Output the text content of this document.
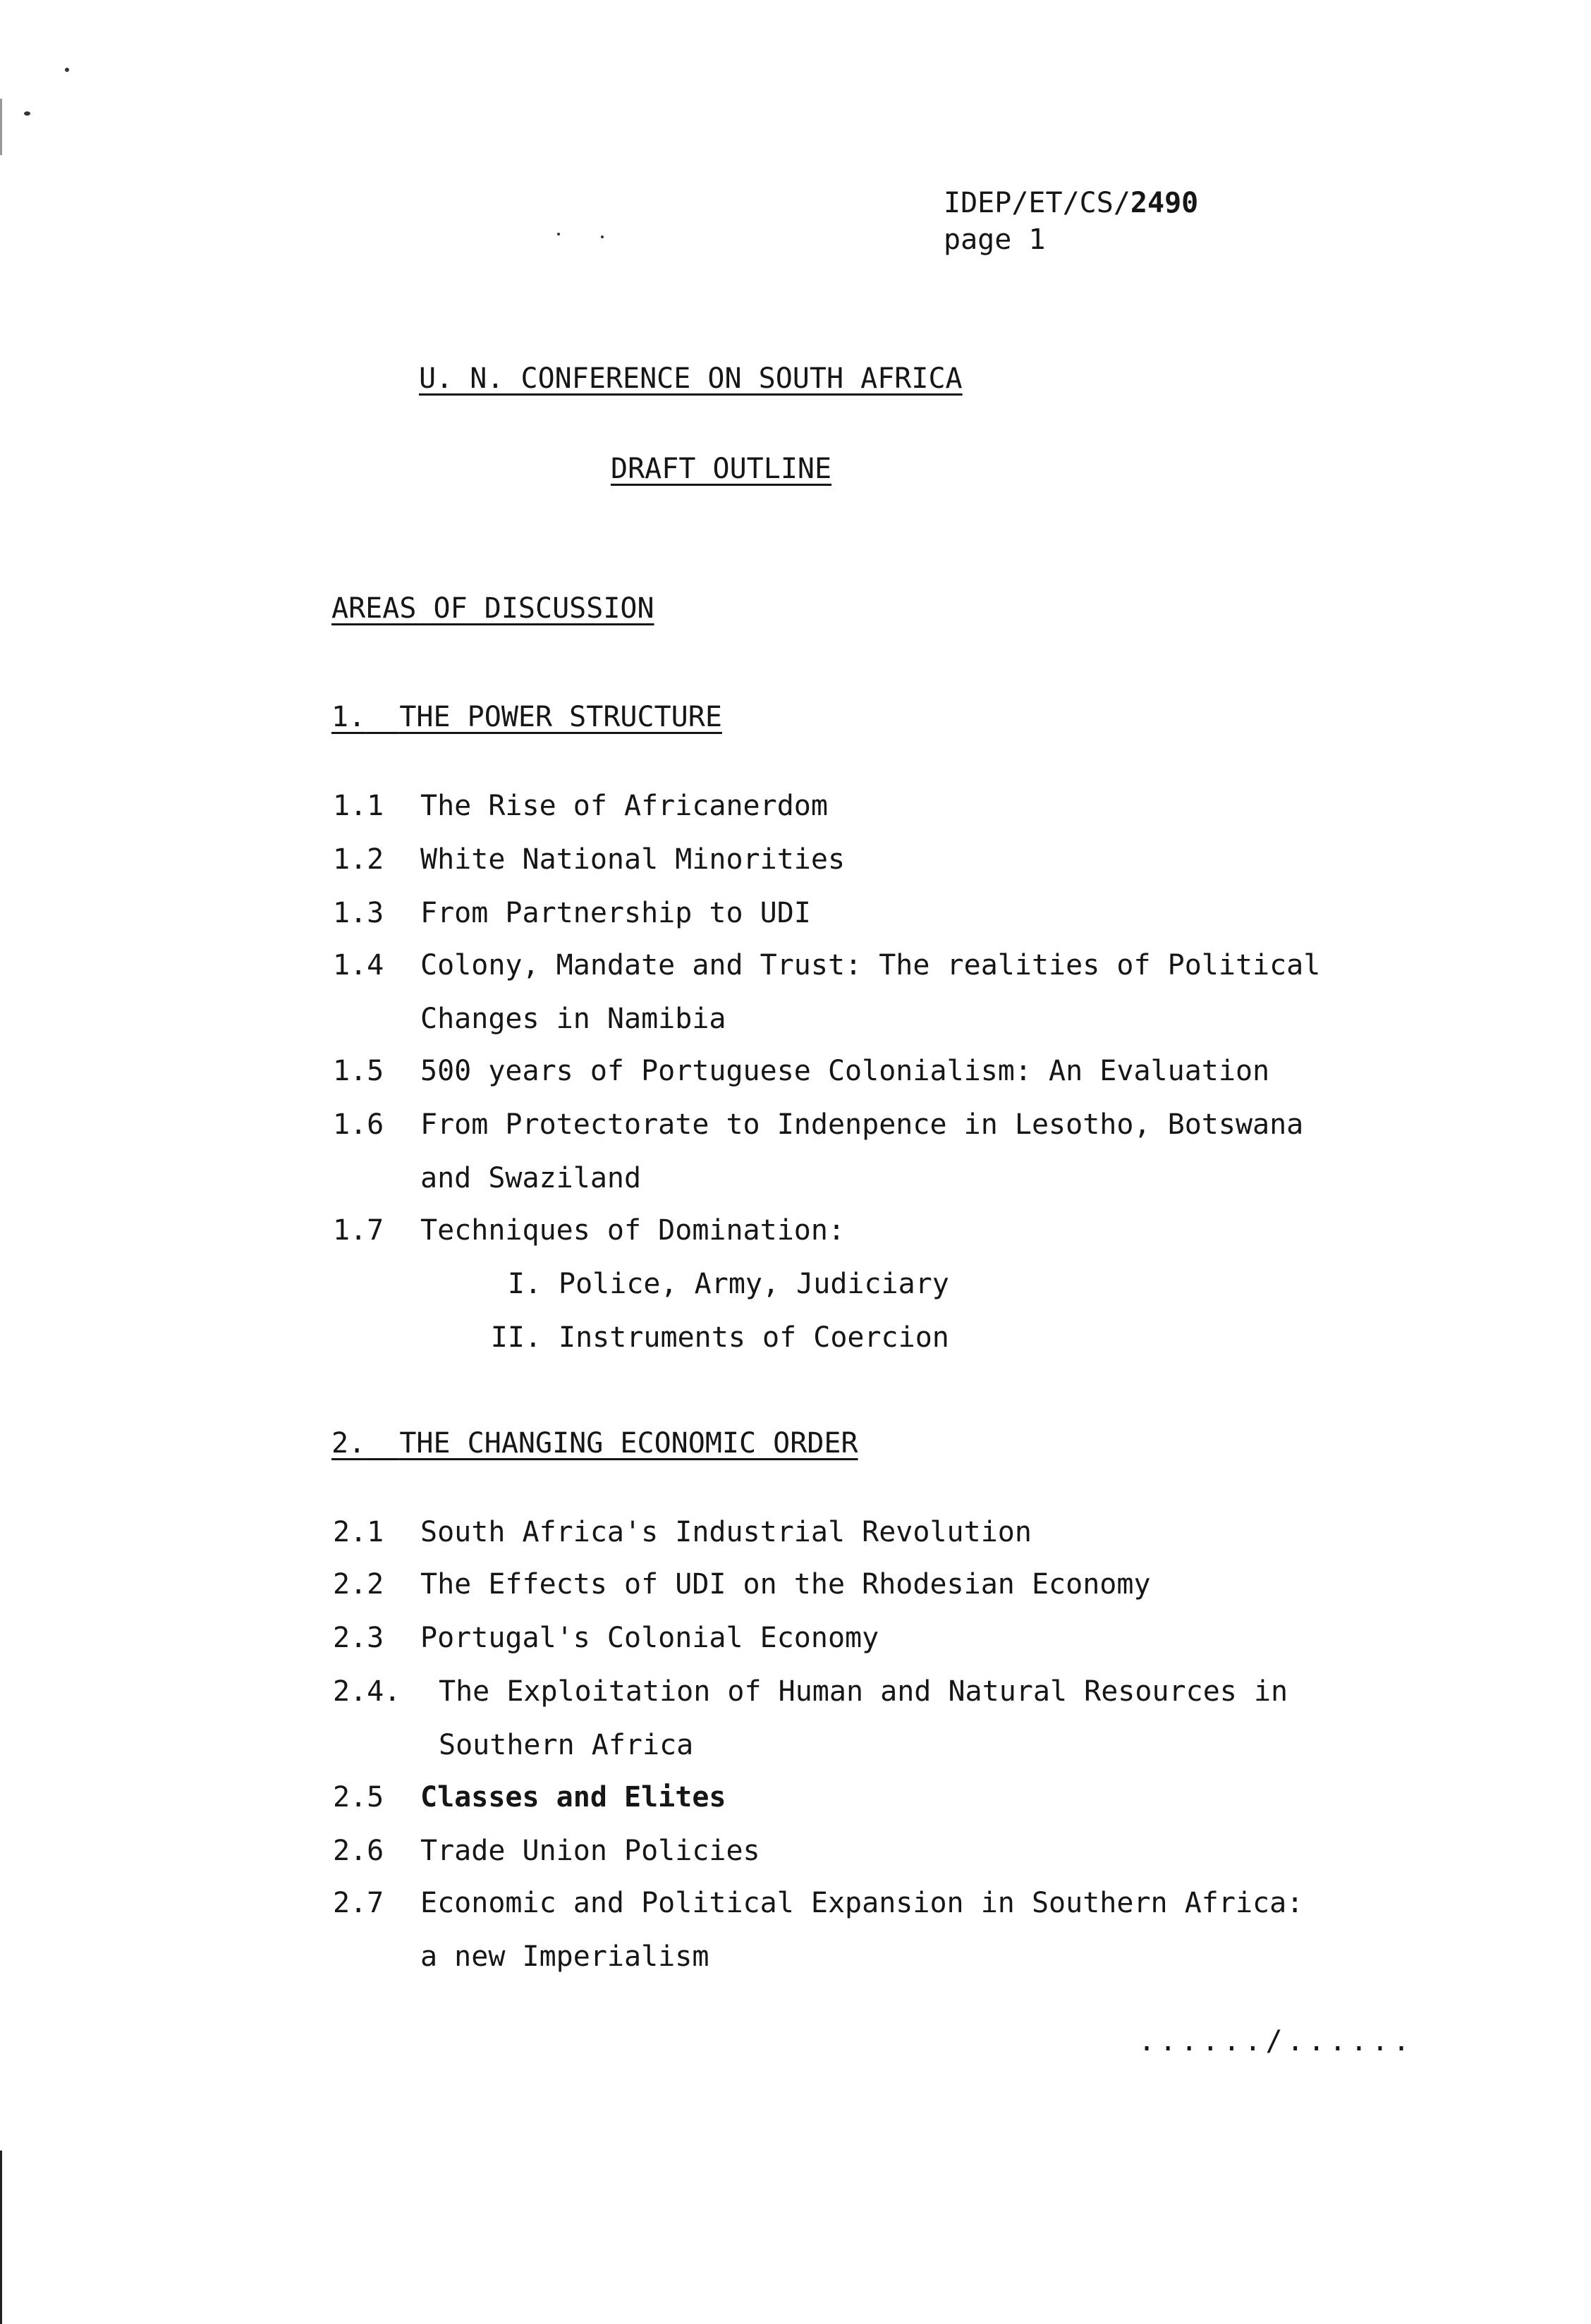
IDEP/ET/CS/2490
page 1
U. N. CONFERENCE ON SOUTH AFRICA
DRAFT OUTLINE
AREAS OF DISCUSSION
1. THE POWER STRUCTURE
1.1 The Rise of Africanerdom
1.2 White National Minorities
1.3 From Partnership to UDI
1.4 Colony, Mandate and Trust: The realities of Political
Changes in Namibia
1.5 500 years of Portuguese Colonialism: An Evaluation
1.6 From Protectorate to Indenpence in Lesotho, Botswana
and Swaziland
1.7 Techniques of Domination:
I. Police, Army, Judiciary
II. Instruments of Coercion
2. THE CHANGING ECONOMIC ORDER
2.1 South Africa's Industrial Revolution
2.2 The Effects of UDI on the Rhodesian Economy
2.3 Portugal's Colonial Economy
2.4. The Exploitation of Human and Natural Resources in
Southern Africa
2.5 Classes and Elites
2.6 Trade Union Policies
2.7 Economic and Political Expansion in Southern Africa:
a new Imperialism
....../......
